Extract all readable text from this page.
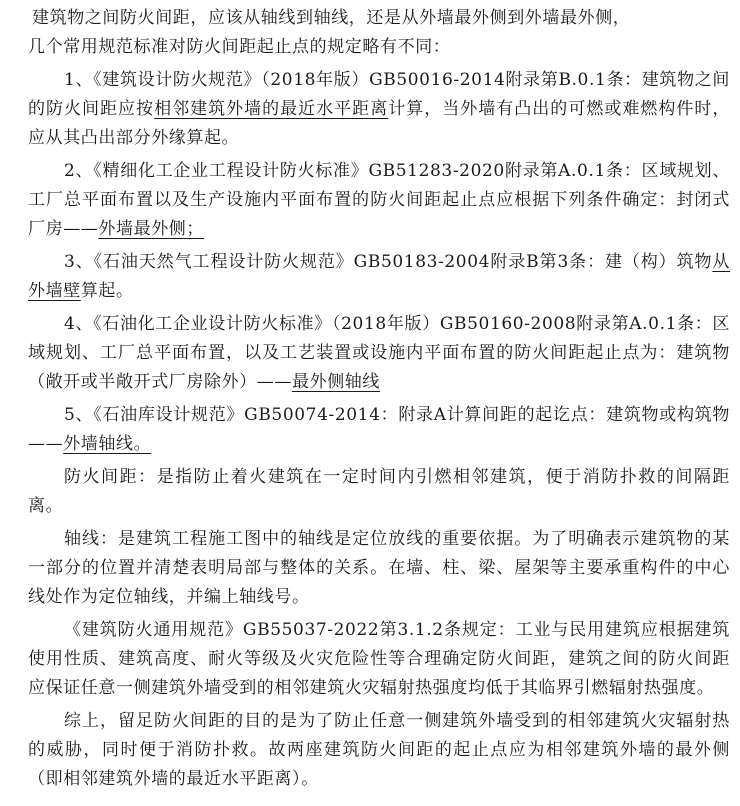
建筑物之间防火间距，应该从轴线到轴线，还是从外墙最外侧到外墙最外侧，
几个常用规范标准对防火间距起止点的规定略有不同：

1、《建筑设计防火规范》（2018年版）GB50016-2014附录第B.0.1条：建筑物之间的防火间距应按相邻建筑外墙的最近水平距离计算，当外墙有凸出的可燃或难燃构件时，应从其凸出部分外缘算起。

2、《精细化工企业工程设计防火标准》GB51283-2020附录第A.0.1条：区域规划、工厂总平面布置以及生产设施内平面布置的防火间距起止点应根据下列条件确定：封闭式厂房——外墙最外侧；

3、《石油天然气工程设计防火规范》GB50183-2004附录B第3条：建（构）筑物从外墙壁算起。

4、《石油化工企业设计防火标准》（2018年版）GB50160-2008附录第A.0.1条：区域规划、工厂总平面布置，以及工艺装置或设施内平面布置的防火间距起止点为：建筑物（敞开或半敞开式厂房除外）——最外侧轴线

5、《石油库设计规范》GB50074-2014：附录A计算间距的起讫点：建筑物或构筑物——外墙轴线。

防火间距：是指防止着火建筑在一定时间内引燃相邻建筑，便于消防扑救的间隔距离。

轴线：是建筑工程施工图中的轴线是定位放线的重要依据。为了明确表示建筑物的某一部分的位置并清楚表明局部与整体的关系。在墙、柱、梁、屋架等主要承重构件的中心线处作为定位轴线，并编上轴线号。

《建筑防火通用规范》GB55037-2022第3.1.2条规定：工业与民用建筑应根据建筑使用性质、建筑高度、耐火等级及火灾危险性等合理确定防火间距，建筑之间的防火间距应保证任意一侧建筑外墙受到的相邻建筑火灾辐射热强度均低于其临界引燃辐射热强度。

综上，留足防火间距的目的是为了防止任意一侧建筑外墙受到的相邻建筑火灾辐射热的威胁，同时便于消防扑救。故两座建筑防火间距的起止点应为相邻建筑外墙的最外侧（即相邻建筑外墙的最近水平距离）。
